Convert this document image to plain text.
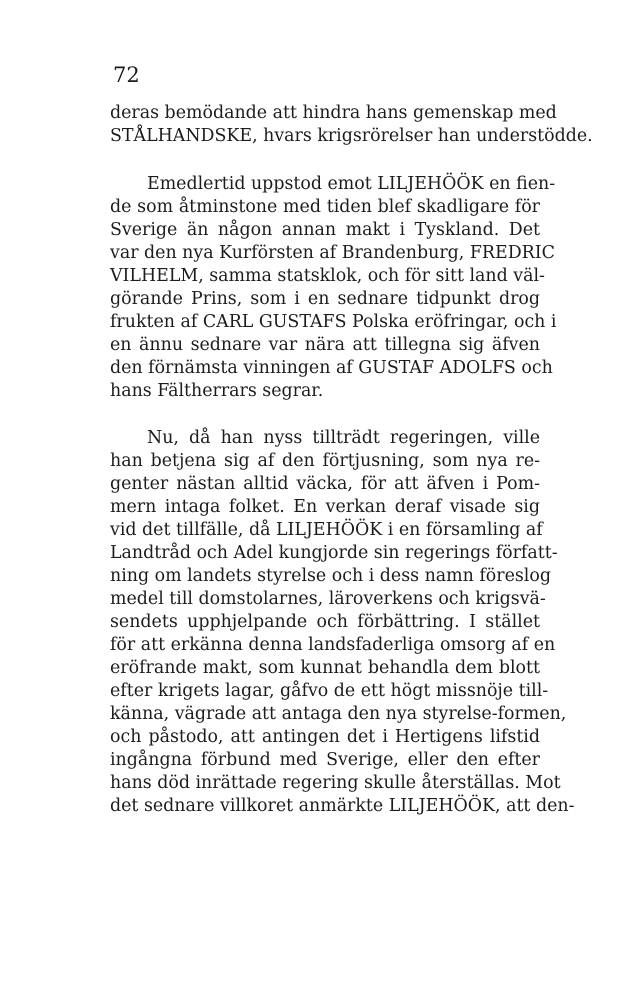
72
deras bemödande att hindra hans gemenskap med
STÅLHANDSKE, hvars krigsrörelser han understödde.
Emedlertid uppstod emot LILJEHÖÖK en fien-
de som åtminstone med tiden blef skadligare för
Sverige än någon annan makt i Tyskland. Det
var den nya Kurförsten af Brandenburg, FREDRIC
VILHELM, samma statsklok, och för sitt land väl-
görande Prins, som i en sednare tidpunkt drog
frukten af CARL GUSTAFS Polska eröfringar, och i
en ännu sednare var nära att tillegna sig äfven
den förnämsta vinningen af GUSTAF ADOLFS och
hans Fältherrars segrar.
Nu, då han nyss tillträdt regeringen, ville
han betjena sig af den förtjusning, som nya re-
genter nästan alltid väcka, för att äfven i Pom-
mern intaga folket. En verkan deraf visade sig
vid det tillfälle, då LILJEHÖÖK i en församling af
Landtråd och Adel kungjorde sin regerings författ-
ning om landets styrelse och i dess namn föreslog
medel till domstolarnes, läroverkens och krigsvä-
sendets upphjelpande och förbättring. I stället
för att erkänna denna landsfaderliga omsorg af en
eröfrande makt, som kunnat behandla dem blott
efter krigets lagar, gåfvo de ett högt missnöje till-
känna, vägrade att antaga den nya styrelse-formen,
och påstodo, att antingen det i Hertigens lifstid
ingångna förbund med Sverige, eller den efter
hans död inrättade regering skulle återställas. Mot
det sednare villkoret anmärkte LILJEHÖÖK, att den-
